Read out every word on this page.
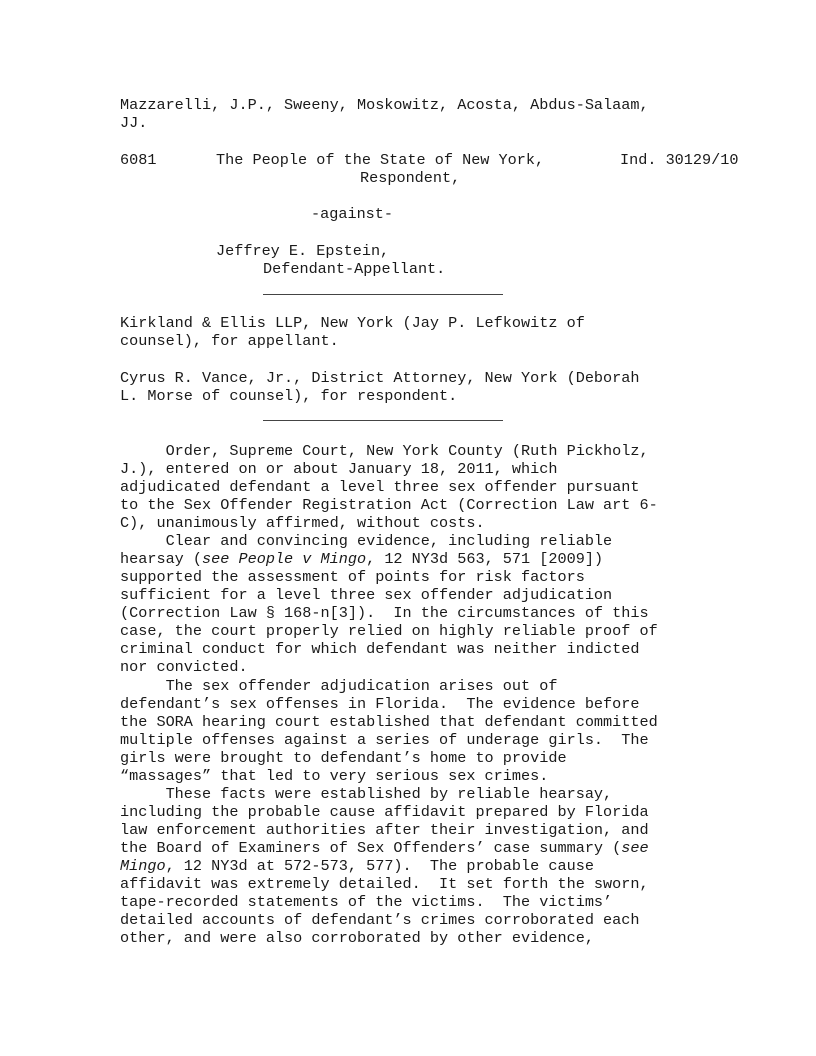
Mazzarelli, J.P., Sweeny, Moskowitz, Acosta, Abdus-Salaam,
JJ.
6081	The People of the State of New York,	Ind. 30129/10
Respondent,
-against-
Jeffrey E. Epstein,
Defendant-Appellant.
Kirkland & Ellis LLP, New York (Jay P. Lefkowitz of
counsel), for appellant.
Cyrus R. Vance, Jr., District Attorney, New York (Deborah
L. Morse of counsel), for respondent.
Order, Supreme Court, New York County (Ruth Pickholz,
J.), entered on or about January 18, 2011, which
adjudicated defendant a level three sex offender pursuant
to the Sex Offender Registration Act (Correction Law art 6-
C), unanimously affirmed, without costs.
Clear and convincing evidence, including reliable
hearsay (see People v Mingo, 12 NY3d 563, 571 [2009])
supported the assessment of points for risk factors
sufficient for a level three sex offender adjudication
(Correction Law § 168-n[3]).  In the circumstances of this
case, the court properly relied on highly reliable proof of
criminal conduct for which defendant was neither indicted
nor convicted.
The sex offender adjudication arises out of
defendant’s sex offenses in Florida.  The evidence before
the SORA hearing court established that defendant committed
multiple offenses against a series of underage girls.  The
girls were brought to defendant’s home to provide
“massages” that led to very serious sex crimes.
These facts were established by reliable hearsay,
including the probable cause affidavit prepared by Florida
law enforcement authorities after their investigation, and
the Board of Examiners of Sex Offenders’ case summary (see
Mingo, 12 NY3d at 572-573, 577).  The probable cause
affidavit was extremely detailed.  It set forth the sworn,
tape-recorded statements of the victims.  The victims’
detailed accounts of defendant’s crimes corroborated each
other, and were also corroborated by other evidence,
